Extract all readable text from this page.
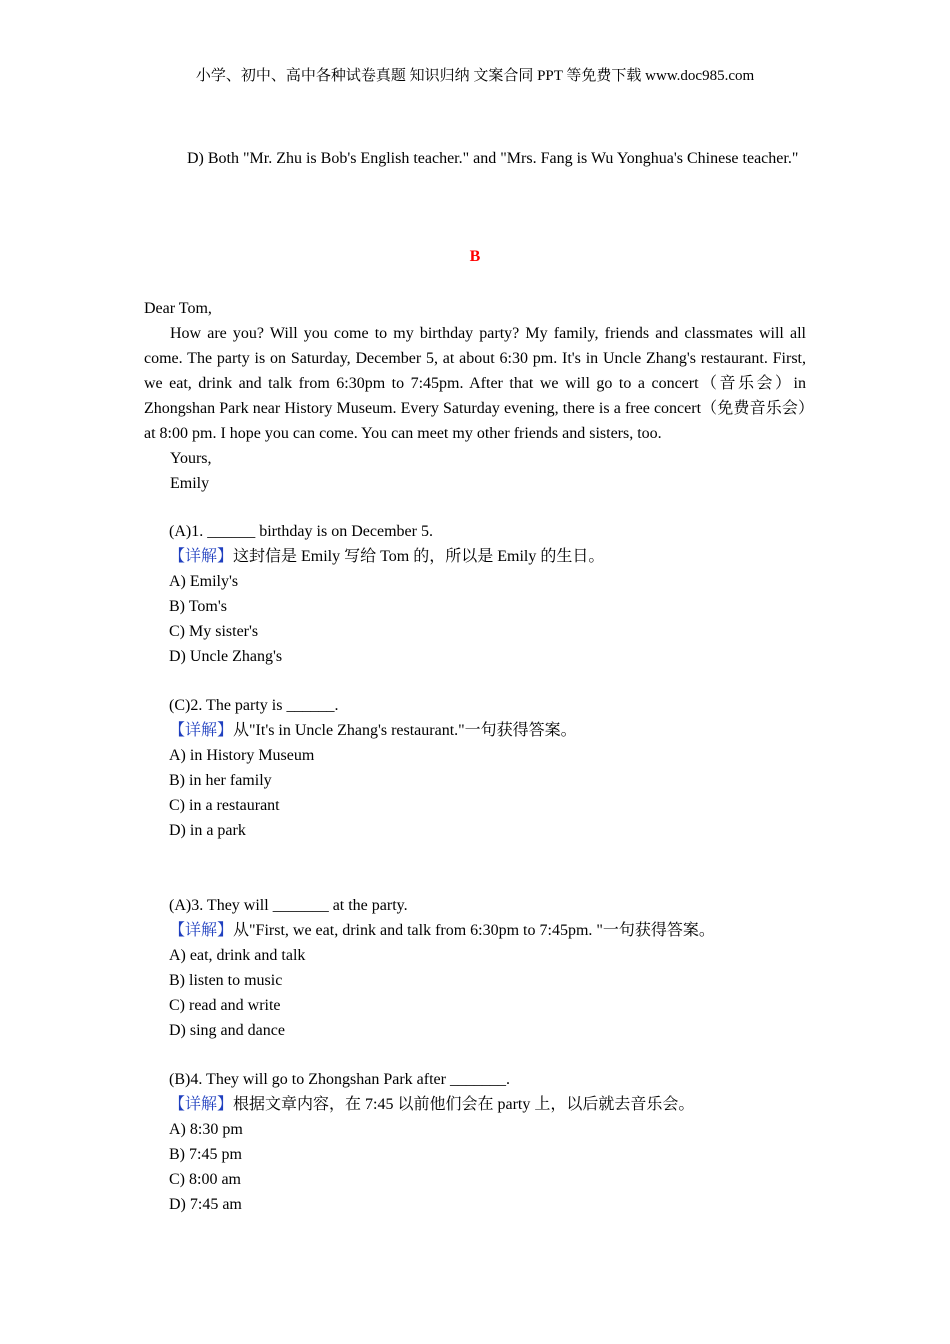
小学、初中、高中各种试卷真题 知识归纳 文案合同 PPT 等免费下载 www.doc985.com
D) Both "Mr. Zhu is Bob's English teacher." and "Mrs. Fang is Wu Yonghua's Chinese teacher."
B

Dear Tom,

How are you? Will you come to my birthday party? My family, friends and classmates will all come. The party is on Saturday, December 5, at about 6:30 pm. It's in Uncle Zhang's restaurant. First, we eat, drink and talk from 6:30pm to 7:45pm. After that we will go to a concert（音乐会）in Zhongshan Park near History Museum. Every Saturday evening, there is a free concert（免费音乐会）at 8:00 pm. I hope you can come. You can meet my other friends and sisters, too.

Yours,

Emily

(A)1. ______ birthday is on December 5.
【详解】这封信是 Emily 写给 Tom 的，所以是 Emily 的生日。
A) Emily's
B) Tom's
C) My sister's
D) Uncle Zhang's
(C)2. The party is ______.
【详解】从"It's in Uncle Zhang's restaurant."一句获得答案。
A) in History Museum
B) in her family
C) in a restaurant
D) in a park
(A)3. They will _______ at the party.
【详解】从"First, we eat, drink and talk from 6:30pm to 7:45pm. "一句获得答案。
A) eat, drink and talk
B) listen to music
C) read and write
D) sing and dance
(B)4. They will go to Zhongshan Park after _______.
【详解】根据文章内容，在 7:45 以前他们会在 party 上，以后就去音乐会。
A) 8:30 pm
B) 7:45 pm
C) 8:00 am
D) 7:45 am
